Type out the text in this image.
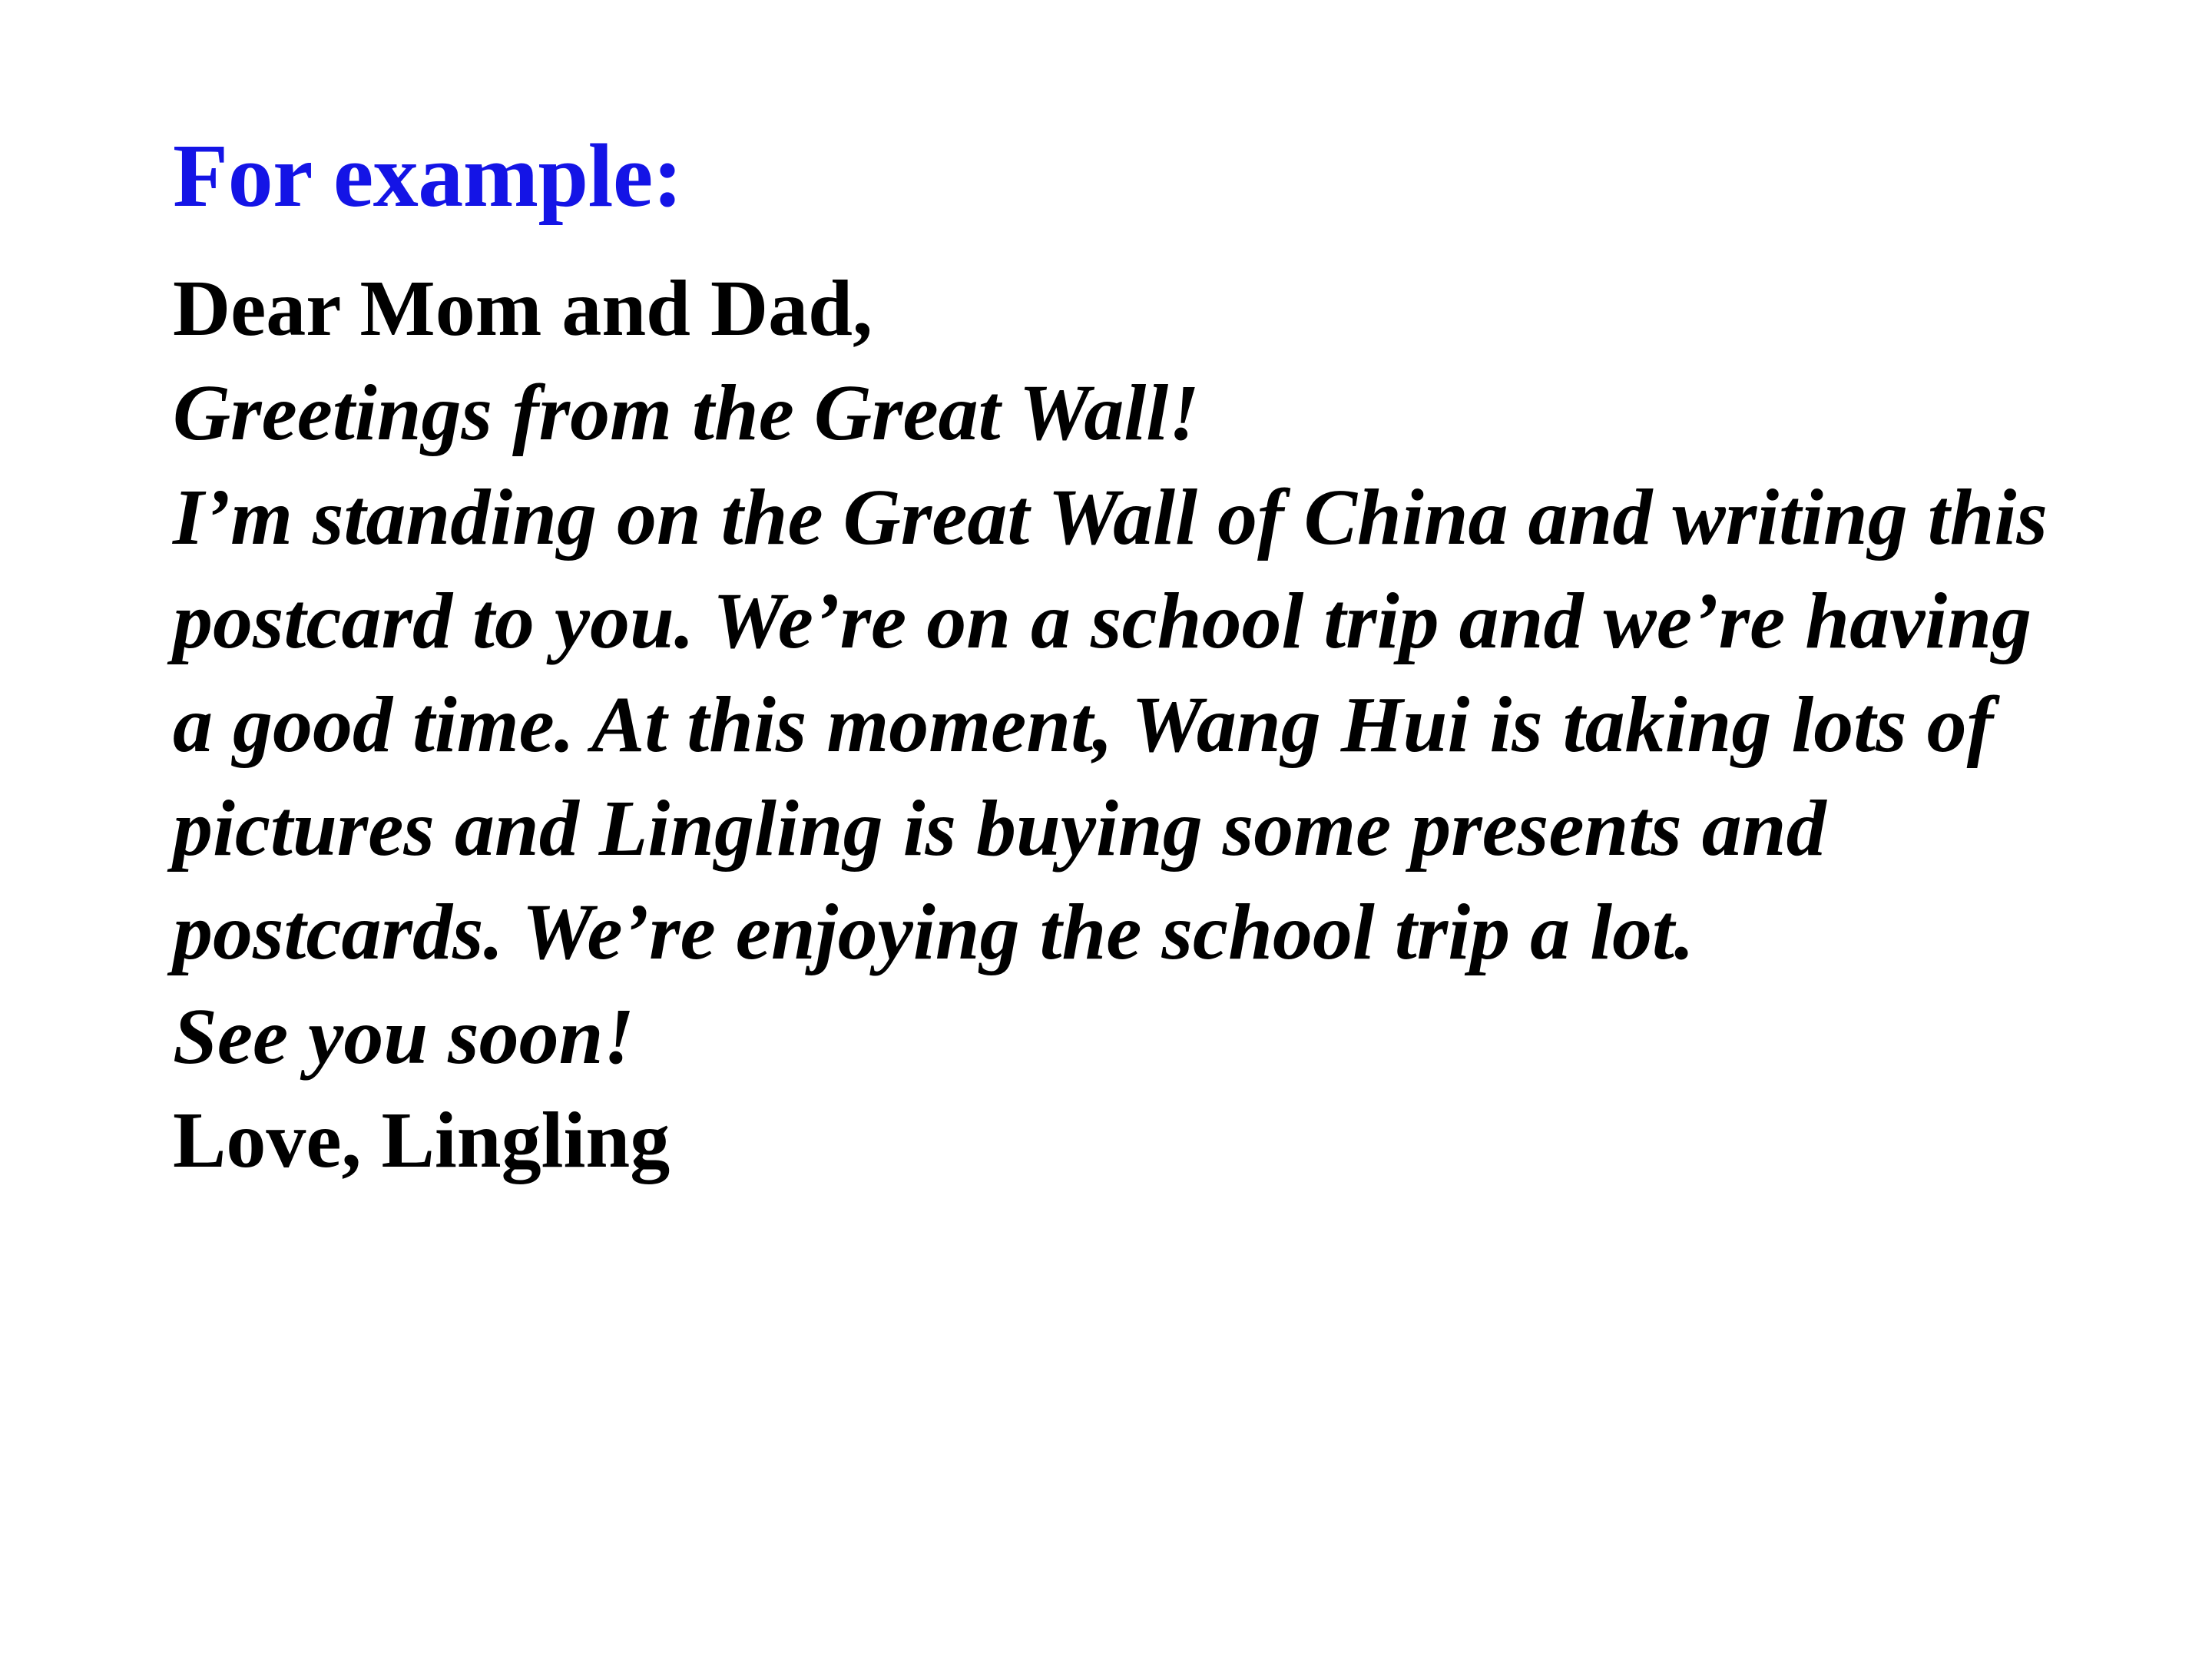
For example:

Dear Mom and Dad,

Greetings from the Great Wall!

I’m standing on the Great Wall of China and writing this postcard to you. We’re on a school trip and we’re having a good time. At this moment, Wang Hui is taking lots of pictures and Lingling is buying some presents and postcards. We’re enjoying the school trip a lot.

See you soon!

Love, Lingling
